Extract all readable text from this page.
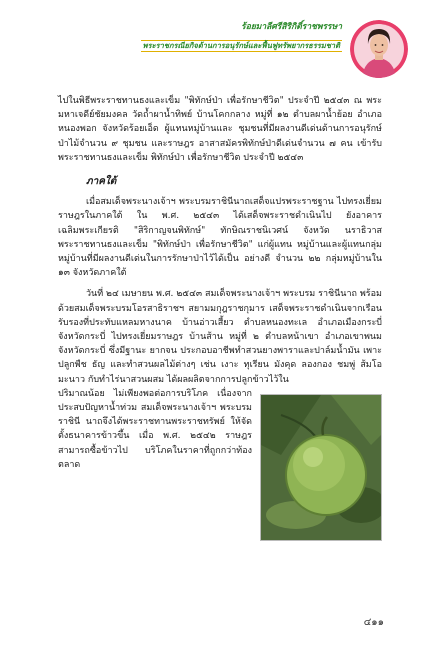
ร้อยมาลีศรีสิริกิติ์ราชพรรษา
พระราชกรณียกิจด้านการอนุรักษ์และฟื้นฟูทรัพยากรธรรมชาติ

ไปในพิธีพระราชทานธงและเข็ม "พิทักษ์ป่า เพื่อรักษาชีวิต" ประจำปี ๒๕๔๓ ณ พระมหาเจดีย์ชัยมงคล วัดถ้ำผาน้ำทิพย์ บ้านโคกกลาง หมู่ที่ ๑๒ ตำบลผาน้ำย้อย อำเภอหนองพอก จังหวัดร้อยเอ็ด ผู้แทนหมู่บ้านและ ชุมชนที่มีผลงานดีเด่นด้านการอนุรักษ์ป่าไม้จำนวน ๙ ชุมชน และราษฎร อาสาสมัครพิทักษ์ป่าดีเด่นจำนวน ๗ คน เข้ารับพระราชทานธงและเข็ม พิทักษ์ป่า เพื่อรักษาชีวิต ประจำปี ๒๕๔๓

ภาคใต้

เมื่อสมเด็จพระนางเจ้าฯ พระบรมราชินีนาถเสด็จแปรพระราชฐาน ไปทรงเยี่ยมราษฎรในภาคใต้ ใน พ.ศ. ๒๕๔๓ ได้เสด็จพระราชดำเนินไป ยังอาคารเฉลิมพระเกียรติ "สิริกาญจนพิทักษ์" ทักษิณราชนิเวศน์ จังหวัด นราธิวาส พระราชทานธงและเข็ม "พิทักษ์ป่า เพื่อรักษาชีวิต" แก่ผู้แทน หมู่บ้านและผู้แทนกลุ่มหมู่บ้านที่มีผลงานดีเด่นในการรักษาป่าไว้ได้เป็น อย่างดี จำนวน ๒๒ กลุ่มหมู่บ้านใน ๑๓ จังหวัดภาคใต้

วันที่ ๒๔ เมษายน พ.ศ. ๒๕๔๓ สมเด็จพระนางเจ้าฯ พระบรม ราชินีนาถ พร้อมด้วยสมเด็จพระบรมโอรสาธิราชฯ สยามมกุฎราชกุมาร เสด็จพระราชดำเนินจากเรือนรับรองที่ประทับแหลมหางนาค บ้านอ่าวเสี้ยว ตำบลหนองทะเล อำเภอเมืองกระบี่ จังหวัดกระบี่ ไปทรงเยี่ยมราษฎร บ้านส้าน หมู่ที่ ๒ ตำบลหน้าเขา อำเภอเขาพนม จังหวัดกระบี่ ซึ่งมีฐานะ ยากจน ประกอบอาชีพทำสวนยางพาราและปาล์มน้ำมัน เพาะปลูกพืช ธัญ และทำสวนผลไม้ต่างๆ เช่น เงาะ ทุเรียน มังคุด ลองกอง ชมพู่ ส้มโอ มะนาว กับทำไร่นาสวนผสม ได้ผลผลิตจากการปลูกข้าวไว้ใน

ปริมาณน้อย ไม่เพียงพอต่อการบริโภค เนื่องจากประสบปัญหาน้ำท่วม สมเด็จพระนางเจ้าฯ พระบรมราชินี นาถจึงได้พระราชทานพระราชทรัพย์ ให้จัดตั้งธนาคารข้าวขึ้น เมื่อ พ.ศ. ๒๕๔๒ ราษฎรสามารถซื้อข้าวไป บริโภคในราคาที่ถูกกว่าท้องตลาด

๔๑๑
